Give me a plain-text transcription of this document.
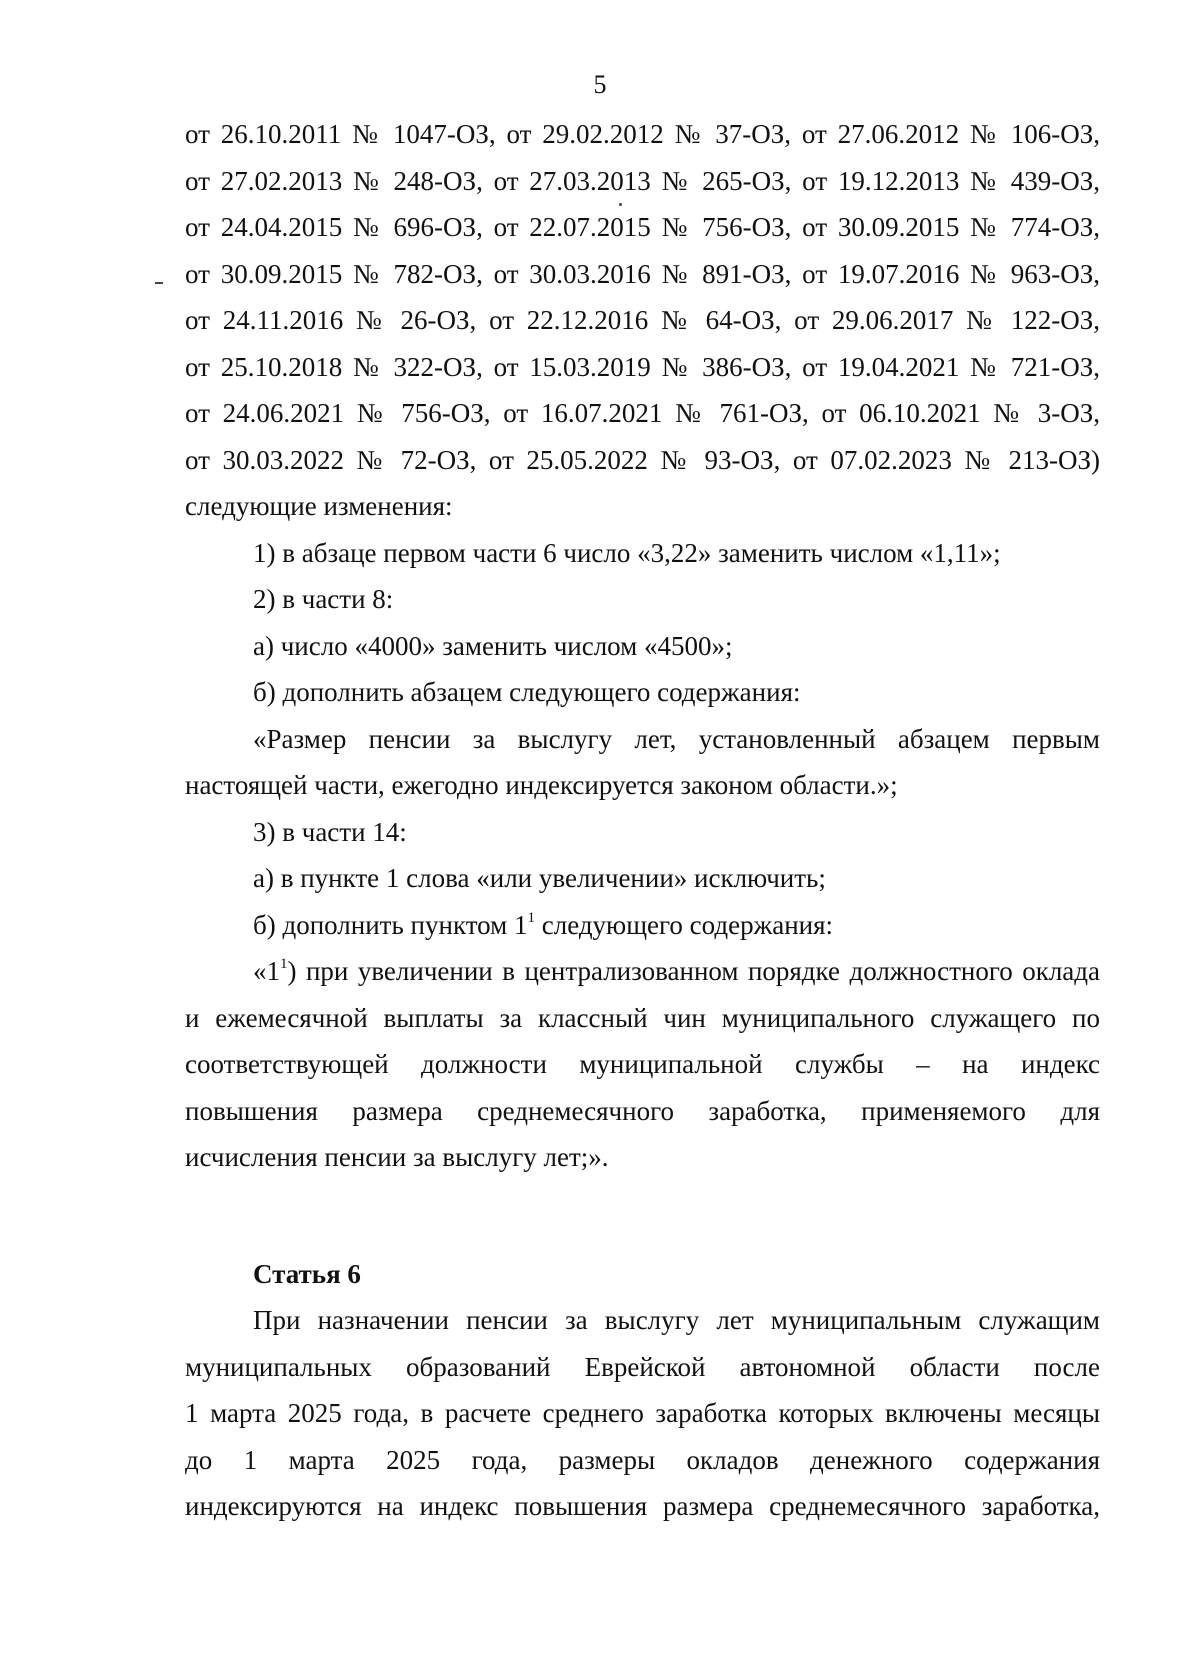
5
от 26.10.2011 № 1047-ОЗ, от 29.02.2012 № 37-ОЗ, от 27.06.2012 № 106-ОЗ,
от 27.02.2013 № 248-ОЗ, от 27.03.2013 № 265-ОЗ, от 19.12.2013 № 439-ОЗ,
от 24.04.2015 № 696-ОЗ, от 22.07.2015 № 756-ОЗ, от 30.09.2015 № 774-ОЗ,
от 30.09.2015 № 782-ОЗ, от 30.03.2016 № 891-ОЗ, от 19.07.2016 № 963-ОЗ,
от 24.11.2016 № 26-ОЗ, от 22.12.2016 № 64-ОЗ, от 29.06.2017 № 122-ОЗ,
от 25.10.2018 № 322-ОЗ, от 15.03.2019 № 386-ОЗ, от 19.04.2021 № 721-ОЗ,
от 24.06.2021 № 756-ОЗ, от 16.07.2021 № 761-ОЗ, от 06.10.2021 № 3-ОЗ,
от 30.03.2022 № 72-ОЗ, от 25.05.2022 № 93-ОЗ, от 07.02.2023 № 213-ОЗ)
следующие изменения:
1) в абзаце первом части 6 число «3,22» заменить числом «1,11»;
2) в части 8:
а) число «4000» заменить числом «4500»;
б) дополнить абзацем следующего содержания:
«Размер пенсии за выслугу лет, установленный абзацем первым
настоящей части, ежегодно индексируется законом области.»;
3) в части 14:
а) в пункте 1 слова «или увеличении» исключить;
б) дополнить пунктом $1^1$ следующего содержания:
«$1^1$) при увеличении в централизованном порядке должностного оклада
и ежемесячной выплаты за классный чин муниципального служащего по
соответствующей должности муниципальной службы – на индекс
повышения размера среднемесячного заработка, применяемого для
исчисления пенсии за выслугу лет;».
Статья 6
При назначении пенсии за выслугу лет муниципальным служащим
муниципальных образований Еврейской автономной области после
1 марта 2025 года, в расчете среднего заработка которых включены месяцы
до 1 марта 2025 года, размеры окладов денежного содержания
индексируются на индекс повышения размера среднемесячного заработка,
